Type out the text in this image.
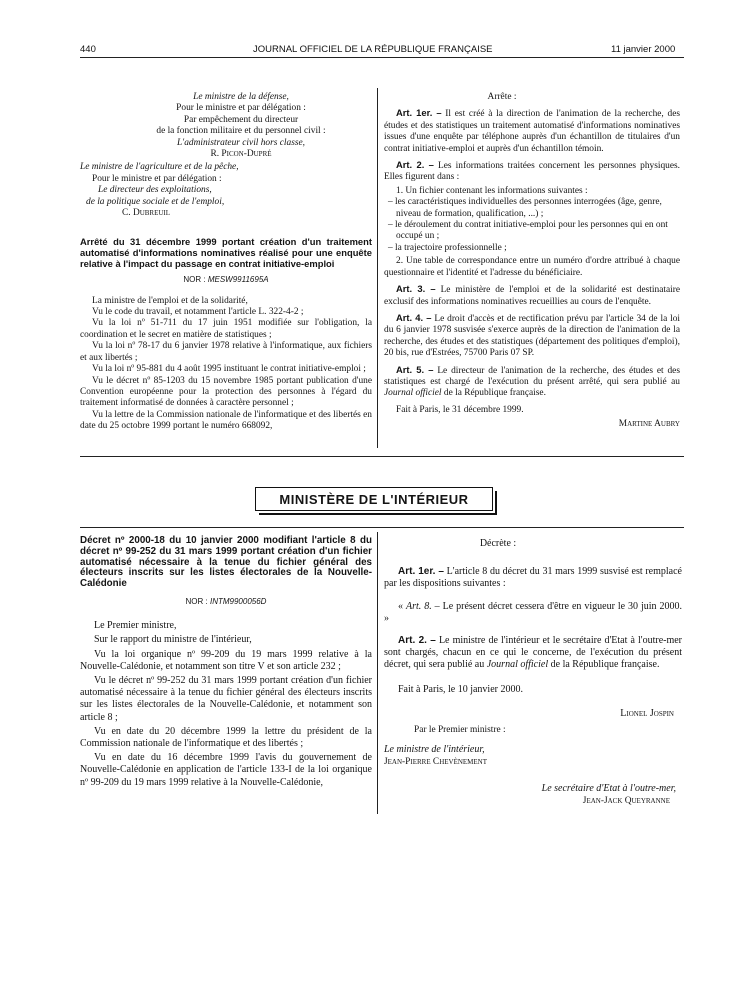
440	JOURNAL OFFICIEL DE LA RÉPUBLIQUE FRANÇAISE	11 janvier 2000

Le ministre de la défense,

Pour le ministre et par délégation :

Par empêchement du directeur

de la fonction militaire et du personnel civil :

L'administrateur civil hors classe,

R. Picon-Dupré

Le ministre de l'agriculture et de la pêche,

Pour le ministre et par délégation :

Le directeur des exploitations,

de la politique sociale et de l'emploi,

C. Dubreuil

Arrêté du 31 décembre 1999 portant création d'un traitement automatisé d'informations nominatives réalisé pour une enquête relative à l'impact du passage en contrat initiative-emploi
NOR : MESW9911695A

La ministre de l'emploi et de la solidarité,

Vu le code du travail, et notamment l'article L. 322-4-2 ;

Vu la loi nº 51-711 du 17 juin 1951 modifiée sur l'obligation, la coordination et le secret en matière de statistiques ;

Vu la loi nº 78-17 du 6 janvier 1978 relative à l'informatique, aux fichiers et aux libertés ;

Vu la loi nº 95-881 du 4 août 1995 instituant le contrat initiative-emploi ;

Vu le décret nº 85-1203 du 15 novembre 1985 portant publication d'une Convention européenne pour la protection des personnes à l'égard du traitement informatisé de données à caractère personnel ;

Vu la lettre de la Commission nationale de l'informatique et des libertés en date du 25 octobre 1999 portant le numéro 668092,

Arrête :

Art. 1er. – Il est créé à la direction de l'animation de la recherche, des études et des statistiques un traitement automatisé d'informations nominatives issues d'une enquête par téléphone auprès d'un échantillon de titulaires d'un contrat initiative-emploi et auprès d'un échantillon témoin.

Art. 2. – Les informations traitées concernent les personnes physiques. Elles figurent dans :

1. Un fichier contenant les informations suivantes :

– les caractéristiques individuelles des personnes interrogées (âge, genre, niveau de formation, qualification, ...) ;

– le déroulement du contrat initiative-emploi pour les personnes qui en ont occupé un ;

– la trajectoire professionnelle ;

2. Une table de correspondance entre un numéro d'ordre attribué à chaque questionnaire et l'identité et l'adresse du bénéficiaire.

Art. 3. – Le ministère de l'emploi et de la solidarité est destinataire exclusif des informations nominatives recueillies au cours de l'enquête.

Art. 4. – Le droit d'accès et de rectification prévu par l'article 34 de la loi du 6 janvier 1978 susvisée s'exerce auprès de la direction de l'animation de la recherche, des études et des statistiques (département des politiques d'emploi), 20 bis, rue d'Estrées, 75700 Paris 07 SP.

Art. 5. – Le directeur de l'animation de la recherche, des études et des statistiques est chargé de l'exécution du présent arrêté, qui sera publié au Journal officiel de la République française.

Fait à Paris, le 31 décembre 1999.

Martine Aubry

MINISTÈRE DE L'INTÉRIEUR
Décret nº 2000-18 du 10 janvier 2000 modifiant l'article 8 du décret nº 99-252 du 31 mars 1999 portant création d'un fichier automatisé nécessaire à la tenue du fichier général des électeurs inscrits sur les listes électorales de la Nouvelle-Calédonie
NOR : INTM9900056D

Le Premier ministre,

Sur le rapport du ministre de l'intérieur,

Vu la loi organique nº 99-209 du 19 mars 1999 relative à la Nouvelle-Calédonie, et notamment son titre V et son article 232 ;

Vu le décret nº 99-252 du 31 mars 1999 portant création d'un fichier automatisé nécessaire à la tenue du fichier général des électeurs inscrits sur les listes électorales de la Nouvelle-Calédonie, et notamment son article 8 ;

Vu en date du 20 décembre 1999 la lettre du président de la Commission nationale de l'informatique et des libertés ;

Vu en date du 16 décembre 1999 l'avis du gouvernement de Nouvelle-Calédonie en application de l'article 133-I de la loi organique nº 99-209 du 19 mars 1999 relative à la Nouvelle-Calédonie,

Décrète :

Art. 1er. – L'article 8 du décret du 31 mars 1999 susvisé est remplacé par les dispositions suivantes :

« Art. 8. – Le présent décret cessera d'être en vigueur le 30 juin 2000. »

Art. 2. – Le ministre de l'intérieur et le secrétaire d'Etat à l'outre-mer sont chargés, chacun en ce qui le concerne, de l'exécution du présent décret, qui sera publié au Journal officiel de la République française.

Fait à Paris, le 10 janvier 2000.

Lionel Jospin

Par le Premier ministre :

Le ministre de l'intérieur,

Jean-Pierre Chevènement

Le secrétaire d'Etat à l'outre-mer,

Jean-Jack Queyranne
